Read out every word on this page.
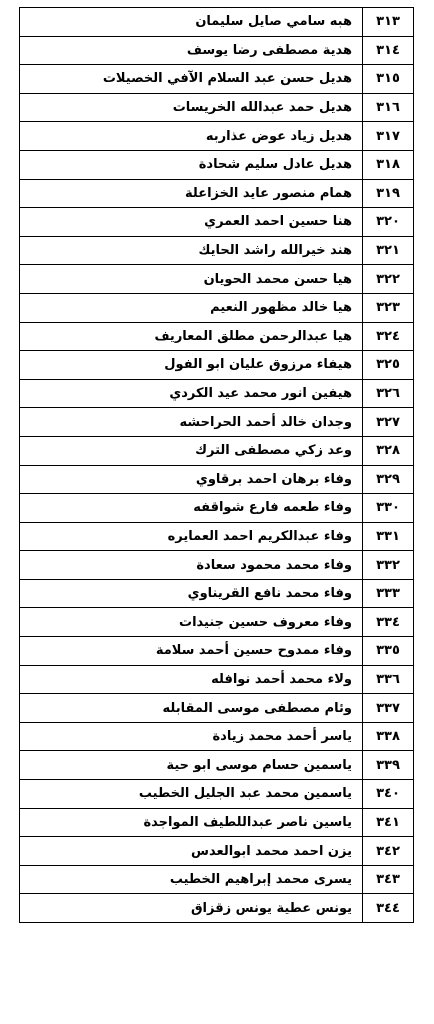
٣١٣	هبه سامي صايل سليمان
٣١٤	هدية مصطفى رضا يوسف
٣١٥	هديل حسن عبد السلام الآفي الخصيلات
٣١٦	هديل حمد عبدالله الخريسات
٣١٧	هديل زياد عوض عذاربه
٣١٨	هديل عادل سليم شحادة
٣١٩	همام منصور عايد الخزاعلة
٣٢٠	هنا حسين احمد العمري
٣٢١	هند خيرالله راشد الحايك
٣٢٢	هيا حسن محمد الحويان
٣٢٣	هيا خالد مظهور النعيم
٣٢٤	هيا عبدالرحمن مطلق المعاريف
٣٢٥	هيفاء مرزوق عليان ابو الفول
٣٢٦	هيفين انور محمد عيد الكردي
٣٢٧	وجدان خالد أحمد الحراحشه
٣٢٨	وعد زكي مصطفى الترك
٣٢٩	وفاء برهان احمد برقاوي
٣٣٠	وفاء طعمه فارع شواقفه
٣٣١	وفاء عبدالكريم احمد العمايره
٣٣٢	وفاء محمد محمود سعادة
٣٣٣	وفاء محمد نافع القريناوي
٣٣٤	وفاء معروف حسين جنيدات
٣٣٥	وفاء ممدوح حسين أحمد سلامة
٣٣٦	ولاء محمد أحمد نوافله
٣٣٧	وئام مصطفى موسى المقابله
٣٣٨	ياسر أحمد محمد زيادة
٣٣٩	ياسمين حسام موسى ابو حية
٣٤٠	ياسمين محمد عبد الجليل الخطيب
٣٤١	ياسين ناصر عبداللطيف المواجدة
٣٤٢	يزن احمد محمد ابوالعدس
٣٤٣	يسرى محمد إبراهيم الخطيب
٣٤٤	يونس عطية يونس زقزاق
